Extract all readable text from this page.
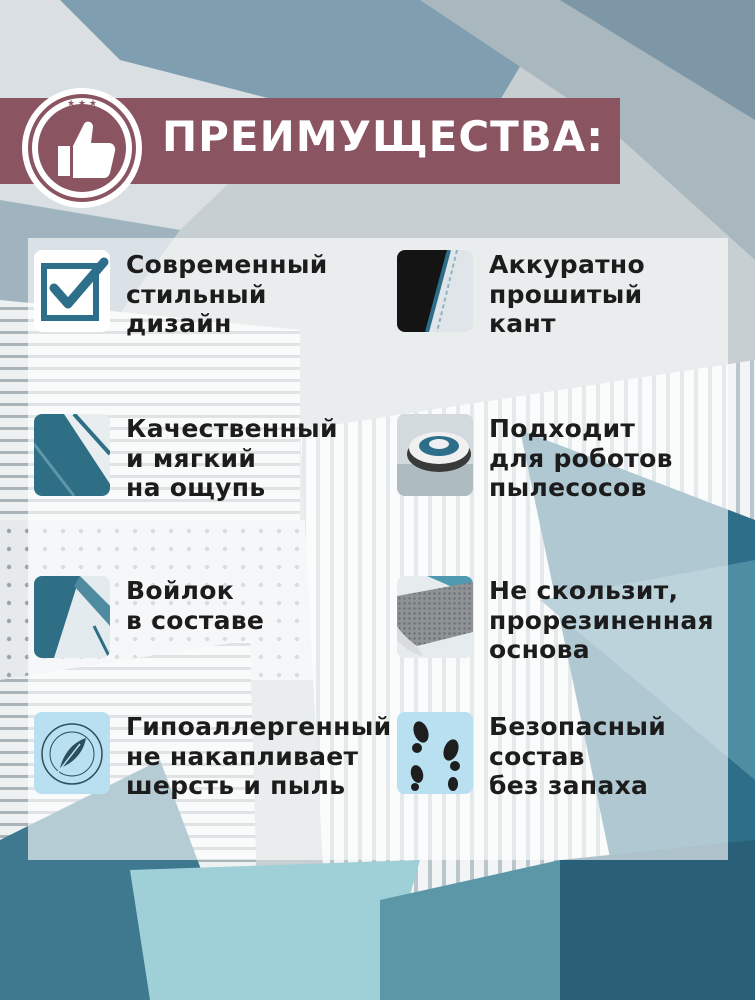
ПРЕИМУЩЕСТВА:
★ ★ ★
Современный
стильный
дизайн
Аккуратно
прошитый
кант
Качественный
и мягкий
на ощупь
Подходит
для роботов
пылесосов
Войлок
в составе
Не скользит,
прорезиненная
основа
Гипоаллергенный
не накапливает
шерсть и пыль
Безопасный
состав
без запаха
